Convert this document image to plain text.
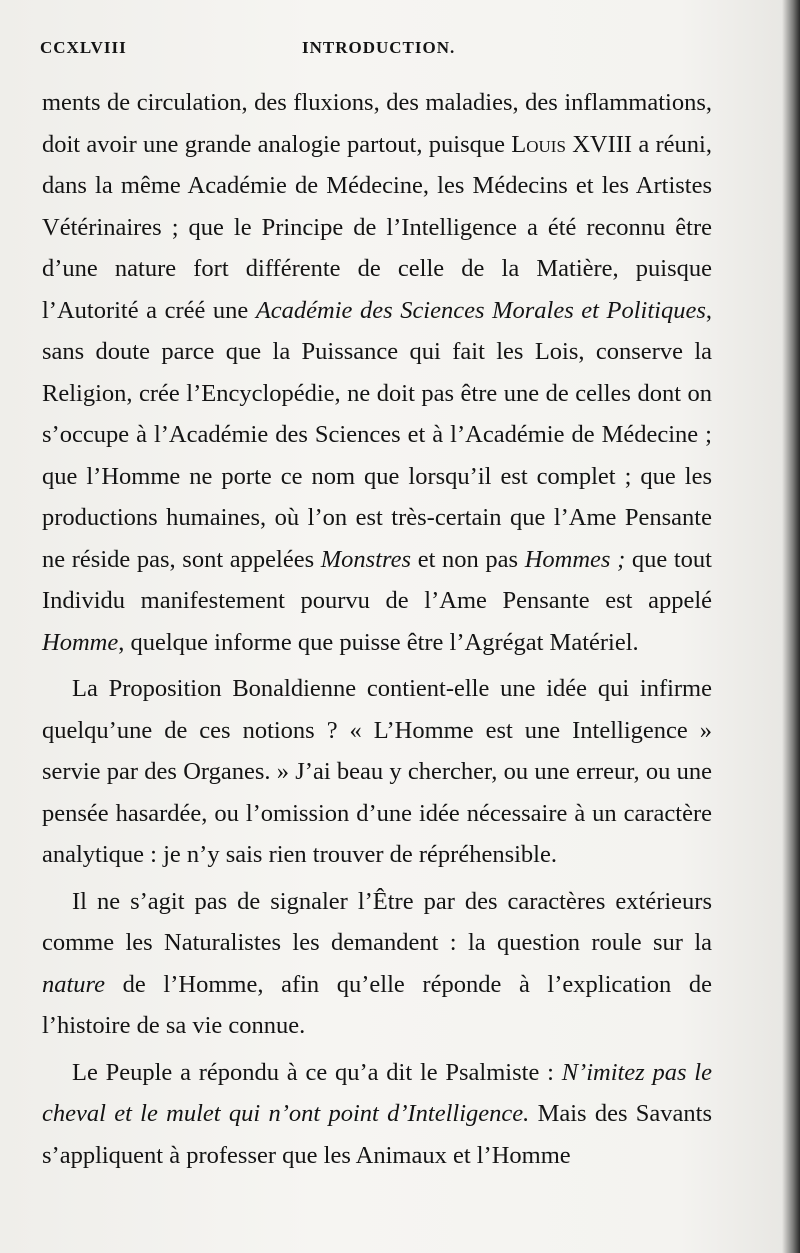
CCXLVIII	INTRODUCTION.

ments de circulation, des fluxions, des maladies, des inflammations, doit avoir une grande analogie partout, puisque Louis XVIII a réuni, dans la même Académie de Médecine, les Médecins et les Artistes Vétérinaires ; que le Principe de l’Intelligence a été reconnu être d’une nature fort différente de celle de la Matière, puisque l’Autorité a créé une Académie des Sciences Morales et Politiques, sans doute parce que la Puissance qui fait les Lois, conserve la Religion, crée l’Encyclopédie, ne doit pas être une de celles dont on s’occupe à l’Académie des Sciences et à l’Académie de Médecine ; que l’Homme ne porte ce nom que lorsqu’il est complet ; que les productions humaines, où l’on est très-certain que l’Ame Pensante ne réside pas, sont appelées Monstres et non pas Hommes ; que tout Individu manifestement pourvu de l’Ame Pensante est appelé Homme, quelque informe que puisse être l’Agrégat Matériel.

La Proposition Bonaldienne contient-elle une idée qui infirme quelqu’une de ces notions ? « L’Homme est une Intelligence » servie par des Organes. » J’ai beau y chercher, ou une erreur, ou une pensée hasardée, ou l’omission d’une idée nécessaire à un caractère analytique : je n’y sais rien trouver de répréhensible.

Il ne s’agit pas de signaler l’Être par des caractères extérieurs comme les Naturalistes les demandent : la question roule sur la nature de l’Homme, afin qu’elle réponde à l’explication de l’histoire de sa vie connue.

Le Peuple a répondu à ce qu’a dit le Psalmiste : N’imitez pas le cheval et le mulet qui n’ont point d’Intelligence. Mais des Savants s’appliquent à professer que les Animaux et l’Homme
